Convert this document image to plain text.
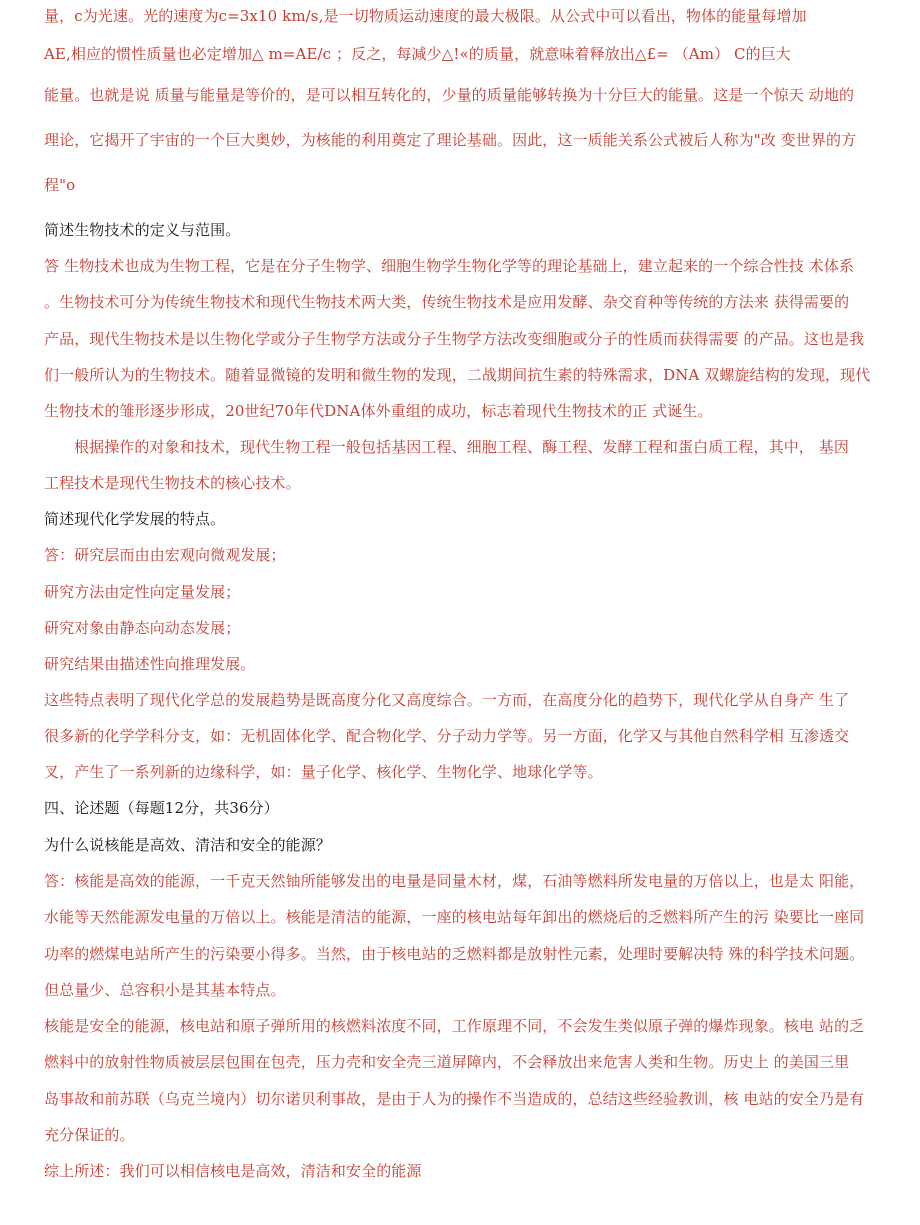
量，c为光速。光的速度为c=3x10 km/s,是一切物质运动速度的最大极限。从公式中可以看出，物体的能量每增加
AE,相应的惯性质量也必定增加△ m=AE/c ；反之，每减少△!«的质量，就意味着释放出△£= （Am） C的巨大
能量。也就是说 质量与能量是等价的，是可以相互转化的，少量的质量能够转换为十分巨大的能量。这是一个惊天 动地的
理论，它揭开了宇宙的一个巨大奥妙，为核能的利用奠定了理论基础。因此，这一质能关系公式被后人称为"改 变世界的方
程"o
简述生物技术的定义与范围。
答 生物技术也成为生物工程，它是在分子生物学、细胞生物学生物化学等的理论基础上，建立起来的一个综合性技 术体系
。生物技术可分为传统生物技术和现代生物技术两大类，传统生物技术是应用发酵、杂交育种等传统的方法来 获得需要的
产品，现代生物技术是以生物化学或分子生物学方法或分子生物学方法改变细胞或分子的性质而获得需要 的产品。这也是我
们一般所认为的生物技术。随着显微镜的发明和微生物的发现，二战期间抗生素的特殊需求，DNA 双螺旋结构的发现，现代
生物技术的雏形逐步形成，20世纪70年代DNA体外重组的成功，标志着现代生物技术的正 式诞生。
根据操作的对象和技术，现代生物工程一般包括基因工程、细胞工程、酶工程、发酵工程和蛋白质工程，其中， 基因
工程技术是现代生物技术的核心技术。
简述现代化学发展的特点。
答：研究层而由由宏观向微观发展；
研究方法由定性向定量发展；
研究对象由静态向动态发展；
研究结果由描述性向推理发展。
这些特点表明了现代化学总的发展趋势是既高度分化又高度综合。一方而，在高度分化的趋势下，现代化学从自身产 生了
很多新的化学学科分支，如：无机固体化学、配合物化学、分子动力学等。另一方面，化学又与其他自然科学相 互渗透交
叉，产生了一系列新的边缘科学，如：量子化学、核化学、生物化学、地球化学等。
四、论述题（每题12分，共36分）
为什么说核能是高效、清洁和安全的能源？
答：核能是高效的能源，一千克天然铀所能够发出的电量是同量木材，煤，石油等燃料所发电量的万倍以上，也是太 阳能，
水能等天然能源发电量的万倍以上。核能是清洁的能源，一座的核电站每年卸出的燃烧后的乏燃料所产生的污 染要比一座同
功率的燃煤电站所产生的污染要小得多。当然，由于核电站的乏燃料都是放射性元素，处理时要解决特 殊的科学技术问题。
但总量少、总容积小是其基本特点。
核能是安全的能源，核电站和原子弹所用的核燃料浓度不同，工作原理不同，不会发生类似原子弹的爆炸现象。核电 站的乏
燃料中的放射性物质被层层包围在包壳，压力壳和安全壳三道屏障内，不会释放出来危害人类和生物。历史上 的美国三里
岛事故和前苏联（乌克兰境内）切尔诺贝利事故，是由于人为的操作不当造成的，总结这些经验教训，核 电站的安全乃是有
充分保证的。
综上所述：我们可以相信核电是高效，清洁和安全的能源
